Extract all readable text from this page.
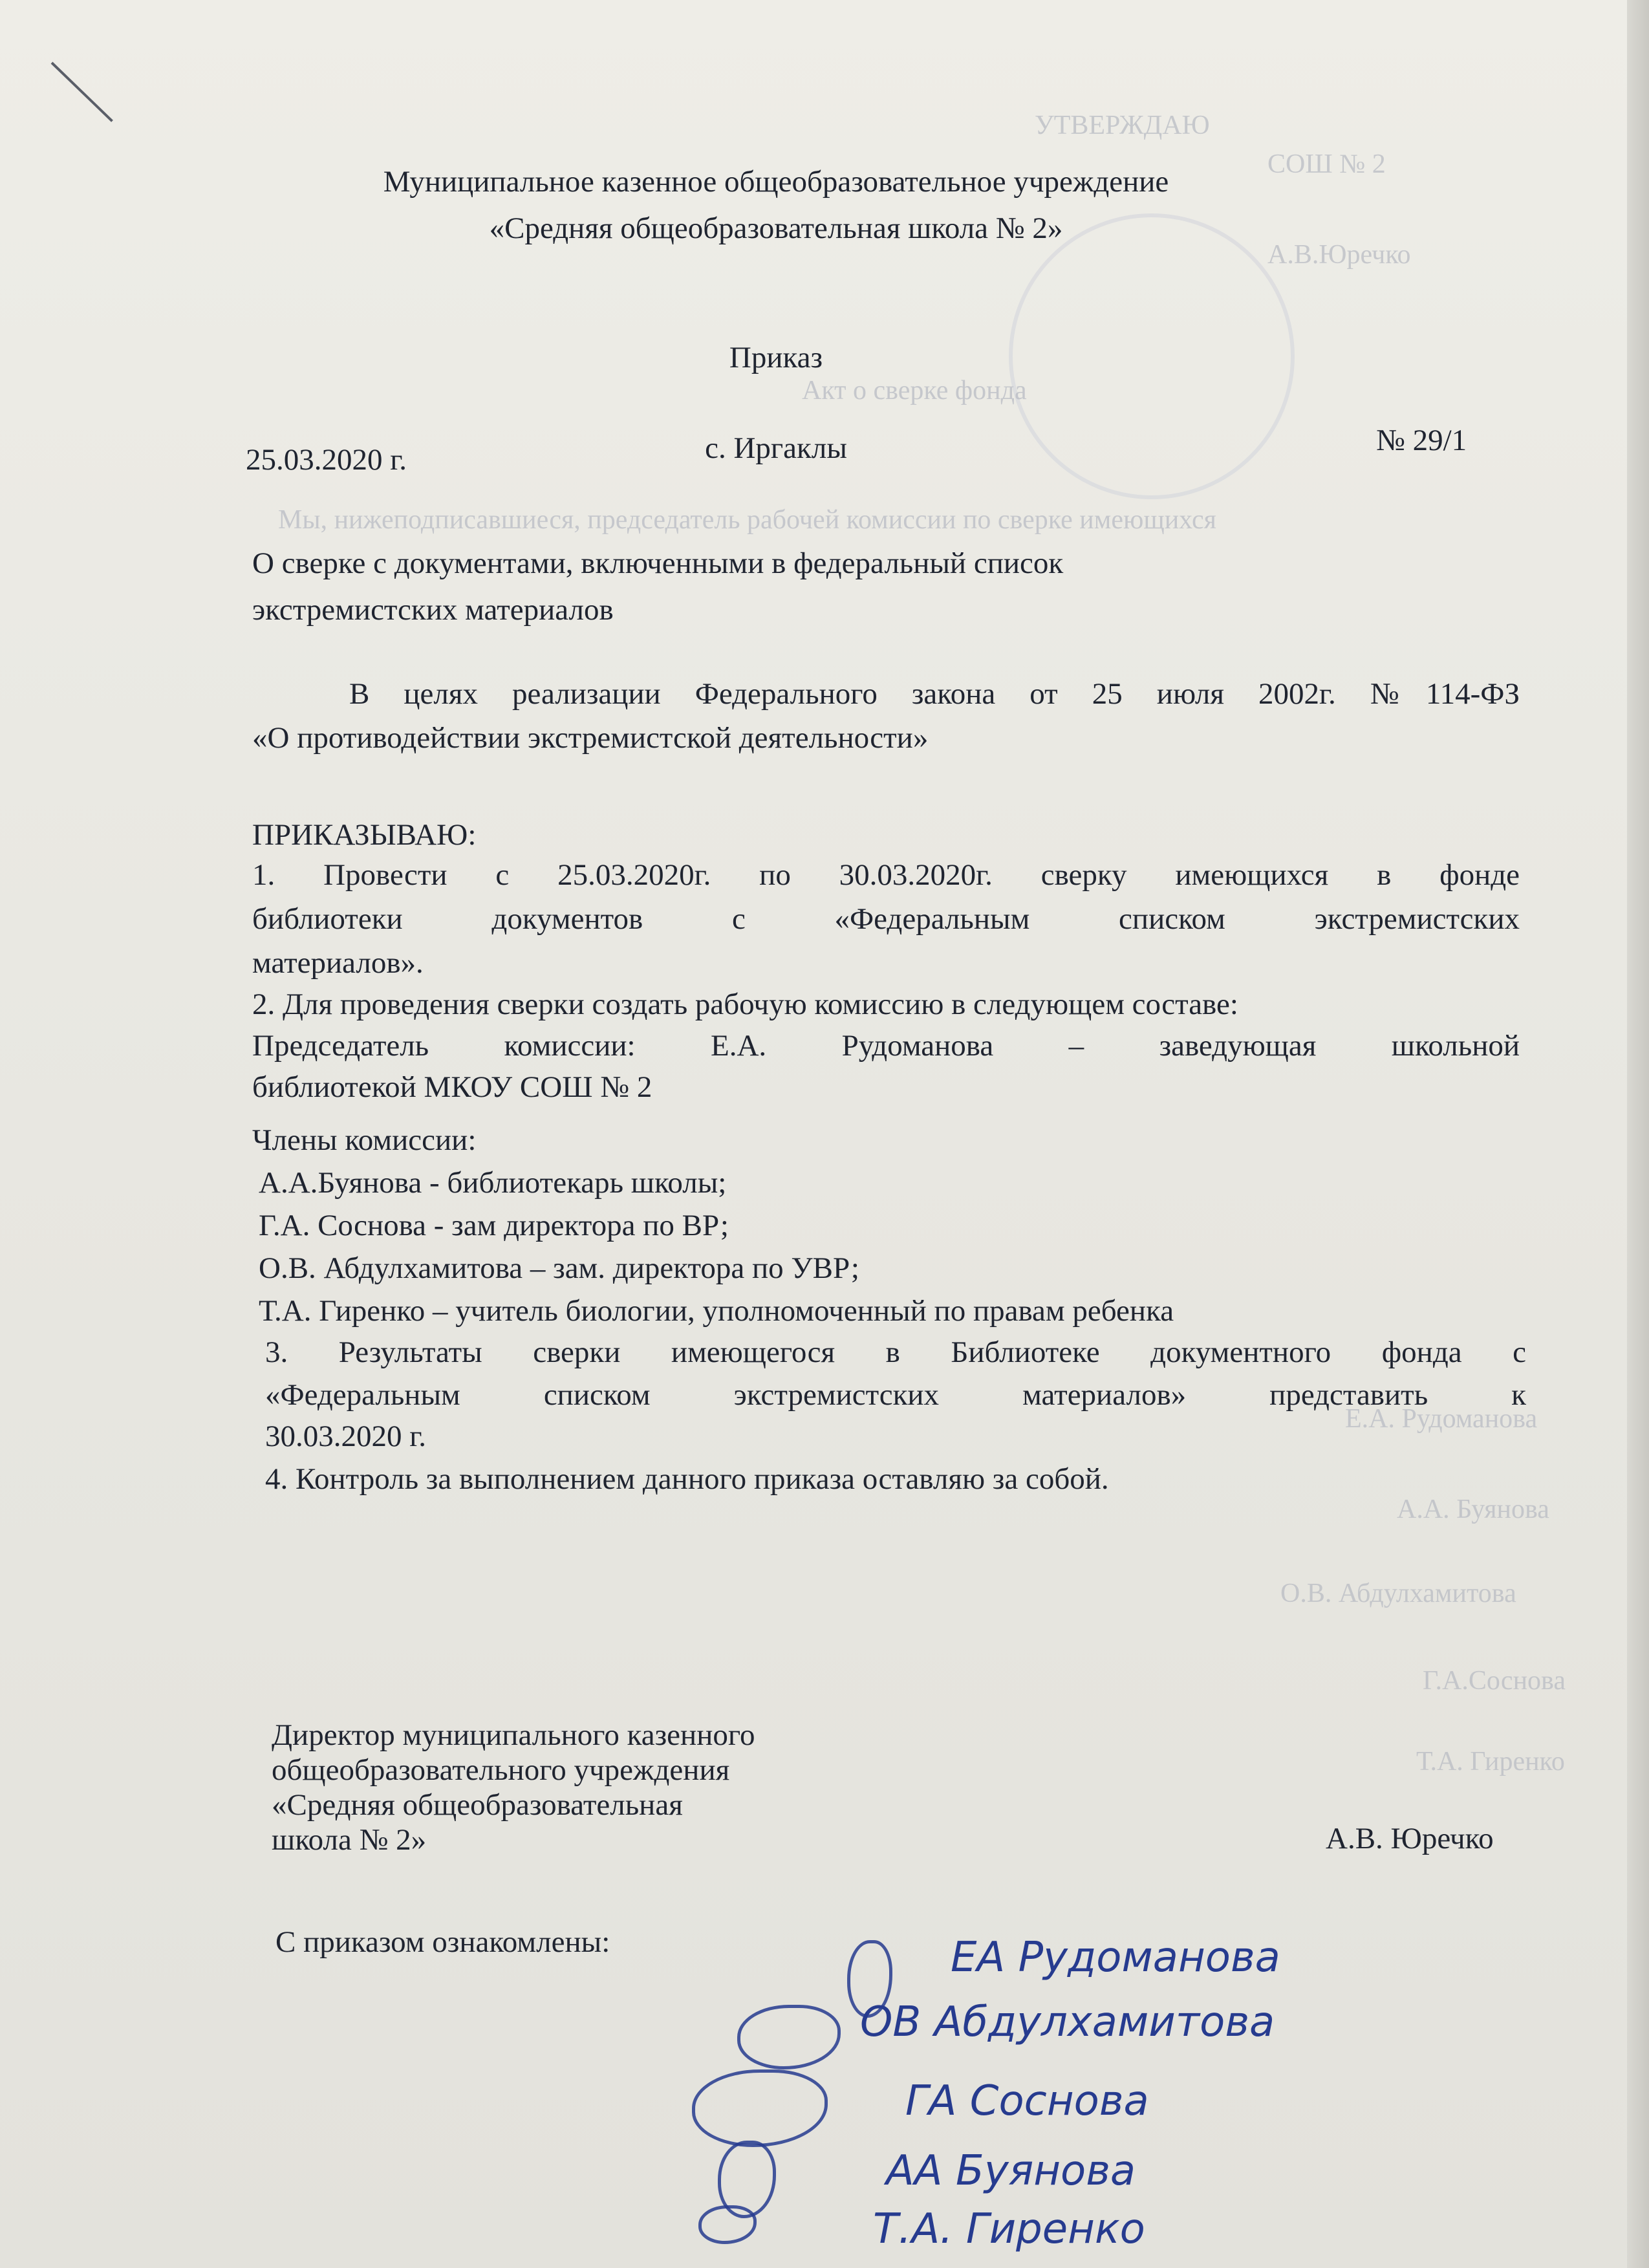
УТВЕРЖДАЮ
СОШ № 2
А.В.Юречко
Акт о сверке фонда
Мы, нижеподписавшиеся, председатель рабочей комиссии по сверке имеющихся
Е.А. Рудоманова
А.А. Буянова
О.В. Абдулхамитова
Г.А.Соснова
Т.А. Гиренко
Муниципальное казенное общеобразовательное учреждение
«Средняя общеобразовательная школа № 2»
Приказ
25.03.2020 г.	с. Иргаклы	№ 29/1
О сверке с документами, включенными в федеральный список
экстремистских материалов
В целях реализации Федерального закона от 25 июля 2002г. №114-ФЗ
«О противодействии экстремистской деятельности»
ПРИКАЗЫВАЮ:
1. Провести с 25.03.2020г. по 30.03.2020г. сверку имеющихся в фонде
библиотеки документов с «Федеральным списком экстремистских
материалов».
2. Для проведения сверки создать рабочую комиссию в следующем составе:
Председатель комиссии: Е.А. Рудоманова – заведующая школьной
библиотекой МКОУ СОШ № 2
Члены комиссии:
А.А.Буянова - библиотекарь школы;
Г.А. Соснова - зам директора по ВР;
О.В. Абдулхамитова – зам. директора по УВР;
Т.А. Гиренко – учитель биологии, уполномоченный по правам ребенка
3. Результаты сверки имеющегося в Библиотеке документного фонда с
«Федеральным списком экстремистских материалов» представить к
30.03.2020 г.
4. Контроль за выполнением данного приказа оставляю за собой.
Директор муниципального казенного
общеобразовательного учреждения
«Средняя общеобразовательная
школа № 2»	А.В. Юречко
С приказом ознакомлены:	ЕА Рудоманова
ОВ Абдулхамитова
ГА Соснова
АА Буянова
Т.А. Гиренко
